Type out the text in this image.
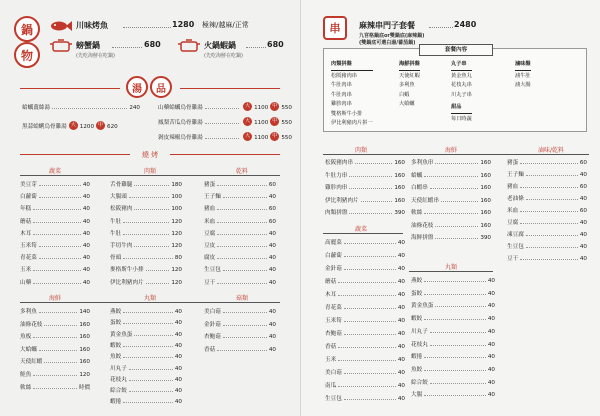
鍋
物
川味烤魚	1280 極辣/越麻/正常
螃蟹鍋	680
(先吃海鮮在吃鍋)
火鍋蝦鍋	680
(先吃海鮮在吃鍋)
湯	品
蛤蠣薑絲湯	240
黑蒜蛤蜊烏骨雞湯 大 1200 中 620
山藥蛤蠣烏骨雞湯	大 1100 中 550
鳳梨苦瓜烏骨雞湯	大 1100 中 550
剝皮辣椒烏骨雞湯	大 1100 中 550
燒 烤
蔬菜	肉類	乾料
海鮮	丸類	菇類
美豆芽	40
白蘿蔔	40
年糕	40
蘑菇	40
木耳	40
玉米筍	40
青花菜	40
玉米	40
山藥	40
舌骨雞腿	180
大腸頭	100
松阪豬肉	100
牛肚	120
牛肚	120
手切牛肉	120
骨頭	80
麥格斯牛小排	120
伊比利豬肉片	120
豬蛋	60
王子麵	40
豬血	60
米血	60
豆腐	40
豆皮	40
腐皮	40
生豆包	40
豆干	40
多利魚	140
油條花枝	160
魚板	160
大蛤蠣	160
天使紅蝦	160
鮭魚	120
軟絲	時價
燕餃	40
蛋餃	40
黃金魚蛋	40
蝦餃	40
魚餃	40
川丸子	40
花枝丸	40
綜合餃	40
蝦捲	40
美白菇	40
金針菇	40
杏鮑菇	40
香菇	40
串	麻辣串門子套餐	2480
九宮格鍋底or雙鍋底(麻辣鍋)
(雙鍋底可選白湯/蕃茄鍋)
套餐內容
肉類拼盤
松阪豬肉串
牛肚肉串
牛肚肉串
雞胗肉串
雙格斯牛小排
伊比利豬肉片拼一
海鮮拼盤
天使紅蝦
多利魚
白蝦
大蛤蠣
丸子串
黃金魚丸
花枝丸串
川丸子串
甜品
每日時蔬
滷味盤
滷牛肚
滷大腸
肉類	海鮮	滷味/乾料
蔬菜
丸類
松阪豬肉串	160
牛肚力串	160
雞胗肉串	160
伊比利豬肉片	160
肉類拼盤	390
多利魚串	160
蛤蠣	160
白蝦串	160
天使紅蝦串	160
軟絲	160
油條花枝	160
海鮮拼盤	390
豬蛋	60
王子麵	40
豬血	60
老油條	40
米血	60
豆腐	40
凍豆腐	40
生豆包	40
豆干	40
高麗菜	40
白蘿蔔	40
金針菇	40
蘑菇	40
木耳	40
青花菜	40
玉米筍	40
杏鮑菇	40
香菇	40
玉米	40
美白菇	40
南瓜	40
生豆包	40
燕餃	40
蛋餃	40
黃金魚蛋	40
蝦餃	40
川丸子	40
花枝丸	40
蝦捲	40
魚餃	40
綜合餃	40
大腸	40
